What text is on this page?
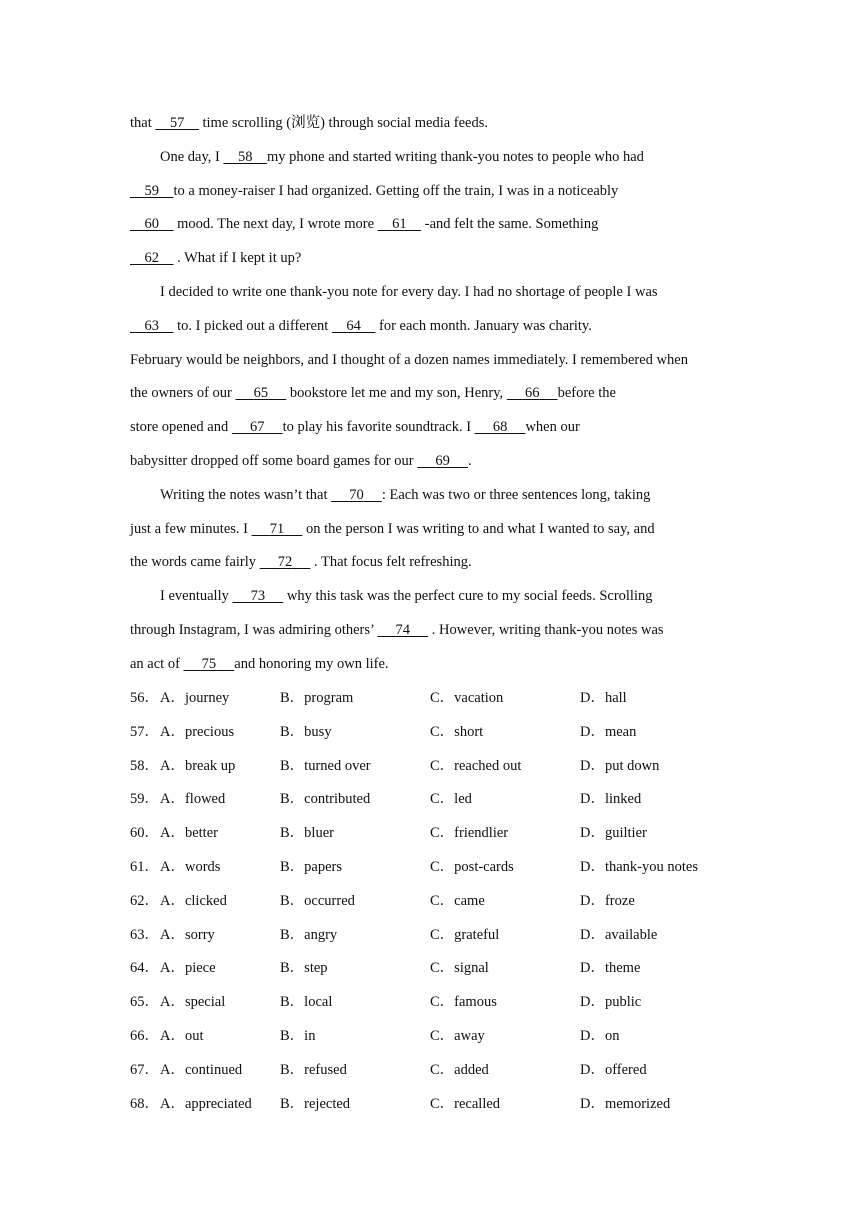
that     57     time scrolling (浏览) through social media feeds.
One day, I     58 my phone and started writing thank-you notes to people who had
59 to a money-raiser I had organized. Getting off the train, I was in a noticeably
60     mood. The next day, I wrote more     61     -and felt the same. Something
62     . What if I kept it up?
I decided to write one thank-you note for every day. I had no shortage of people I was
63     to. I picked out a different     64     for each month. January was charity.
February would be neighbors, and I thought of a dozen names immediately. I remembered when
the owners of our      65      bookstore let me and my son, Henry,      66 before the
store opened and      67 to play his favorite soundtrack. I      68 when our
babysitter dropped off some board games for our      69 .
Writing the notes wasn’t that      70 : Each was two or three sentences long, taking
just a few minutes. I      71      on the person I was writing to and what I wanted to say, and
the words came fairly      72      . That focus felt refreshing.
I eventually      73      why this task was the perfect cure to my social feeds. Scrolling
through Instagram, I was admiring others’      74      . However, writing thank-you notes was
an act of      75 and honoring my own life.
56． A．journey	B．program	C．vacation	D．hall
57． A．precious	B．busy	C．short	D．mean
58． A．break up	B．turned over	C．reached out	D．put down
59． A．flowed	B．contributed	C．led	D．linked
60． A．better	B．bluer	C．friendlier	D．guiltier
61． A．words	B．papers	C．post-cards	D．thank-you notes
62． A．clicked	B．occurred	C．came	D．froze
63． A．sorry	B．angry	C．grateful	D．available
64． A．piece	B．step	C．signal	D．theme
65． A．special	B．local	C．famous	D．public
66． A．out	B．in	C．away	D．on
67． A．continued	B．refused	C．added	D．offered
68． A．appreciated B．rejected	C．recalled	D．memorized
